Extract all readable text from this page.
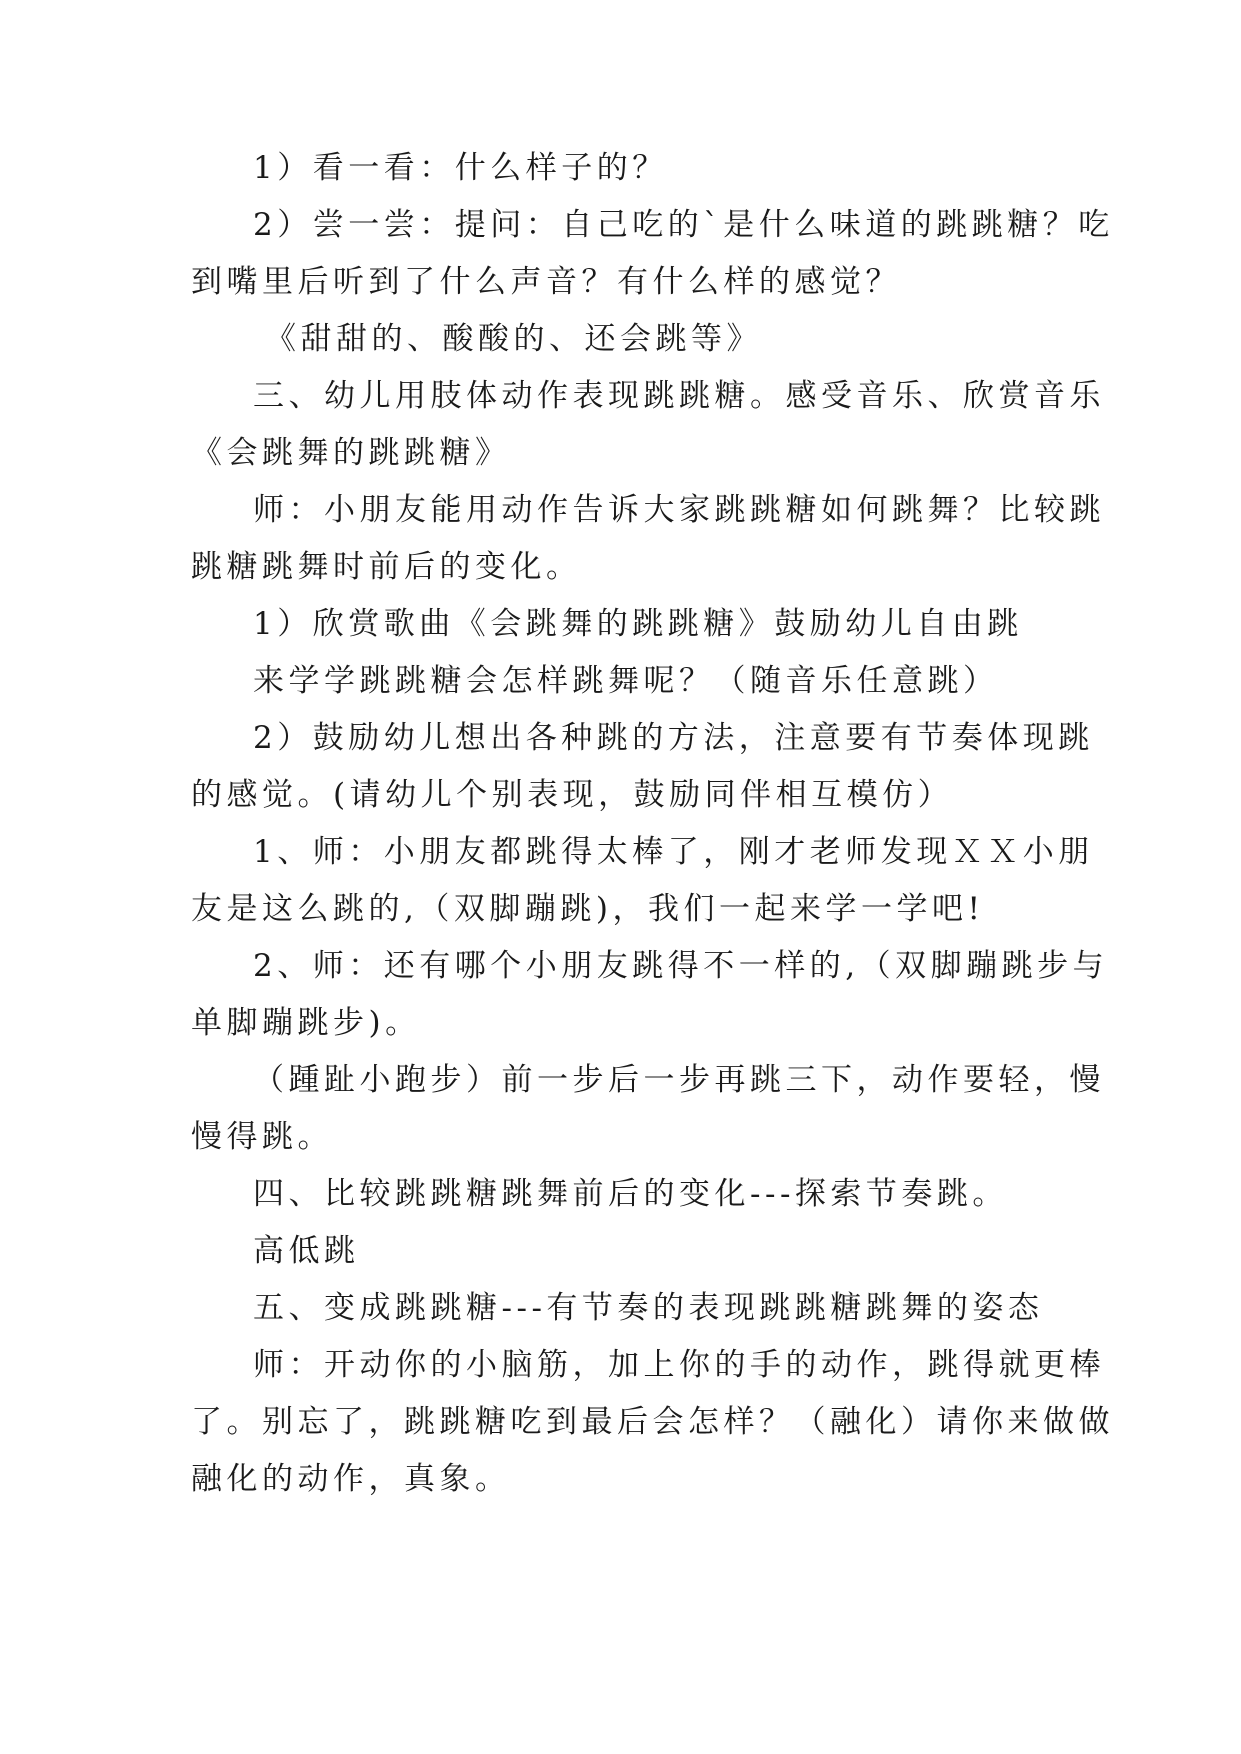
1）看一看：什么样子的？
2）尝一尝：提问：自己吃的`是什么味道的跳跳糖？吃
到嘴里后听到了什么声音？有什么样的感觉？
《甜甜的、酸酸的、还会跳等》
三、幼儿用肢体动作表现跳跳糖。感受音乐、欣赏音乐
《会跳舞的跳跳糖》
师：小朋友能用动作告诉大家跳跳糖如何跳舞？比较跳
跳糖跳舞时前后的变化。
1）欣赏歌曲《会跳舞的跳跳糖》鼓励幼儿自由跳
来学学跳跳糖会怎样跳舞呢？（随音乐任意跳）
2）鼓励幼儿想出各种跳的方法，注意要有节奏体现跳
的感觉。(请幼儿个别表现，鼓励同伴相互模仿）
1、师：小朋友都跳得太棒了，刚才老师发现ＸＸ小朋
友是这么跳的,（双脚蹦跳)，我们一起来学一学吧!
2、师：还有哪个小朋友跳得不一样的,（双脚蹦跳步与
单脚蹦跳步)。
（踵趾小跑步）前一步后一步再跳三下，动作要轻，慢
慢得跳。
四、比较跳跳糖跳舞前后的变化---探索节奏跳。
高低跳
五、变成跳跳糖---有节奏的表现跳跳糖跳舞的姿态
师：开动你的小脑筋，加上你的手的动作，跳得就更棒
了。别忘了，跳跳糖吃到最后会怎样？（融化）请你来做做
融化的动作，真象。
